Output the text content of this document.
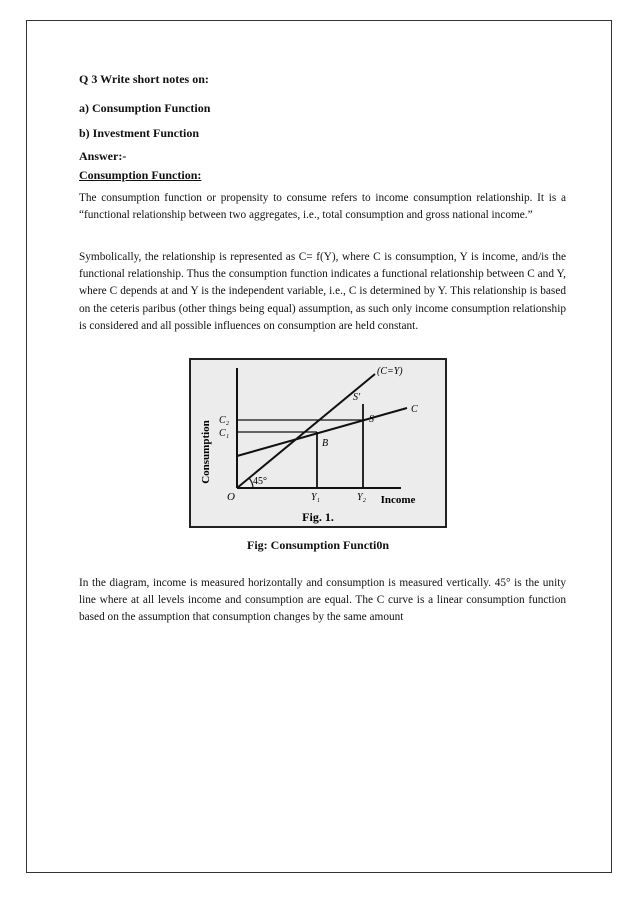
Q 3 Write short notes on:
a) Consumption Function
b) Investment Function
Answer:-
Consumption Function:

The consumption function or propensity to consume refers to income consumption relationship. It is a “functional relationship between two aggregates, i.e., total consumption and gross national income.”

Symbolically, the relationship is represented as C= f(Y), where C is consumption, Y is income, and/is the functional relationship. Thus the consumption function indicates a functional relationship between C and Y, where C depends at and Y is the independent variable, i.e., C is determined by Y. This relationship is based on the ceteris paribus (other things being equal) assumption, as such only income consumption relationship is considered and all possible influences on consumption are held constant.

In the diagram, income is measured horizontally and consumption is measured vertically. 45° is the unity line where at all levels income and consumption are equal. The C curve is a linear consumption function based on the assumption that consumption changes by the same amount

Consumption
Income
O
45°
(C=Y)
C
B
S
S'
C₂
C₁
Y₁	Y₂
Fig. 1.
Fig: Consumption Functi0n
